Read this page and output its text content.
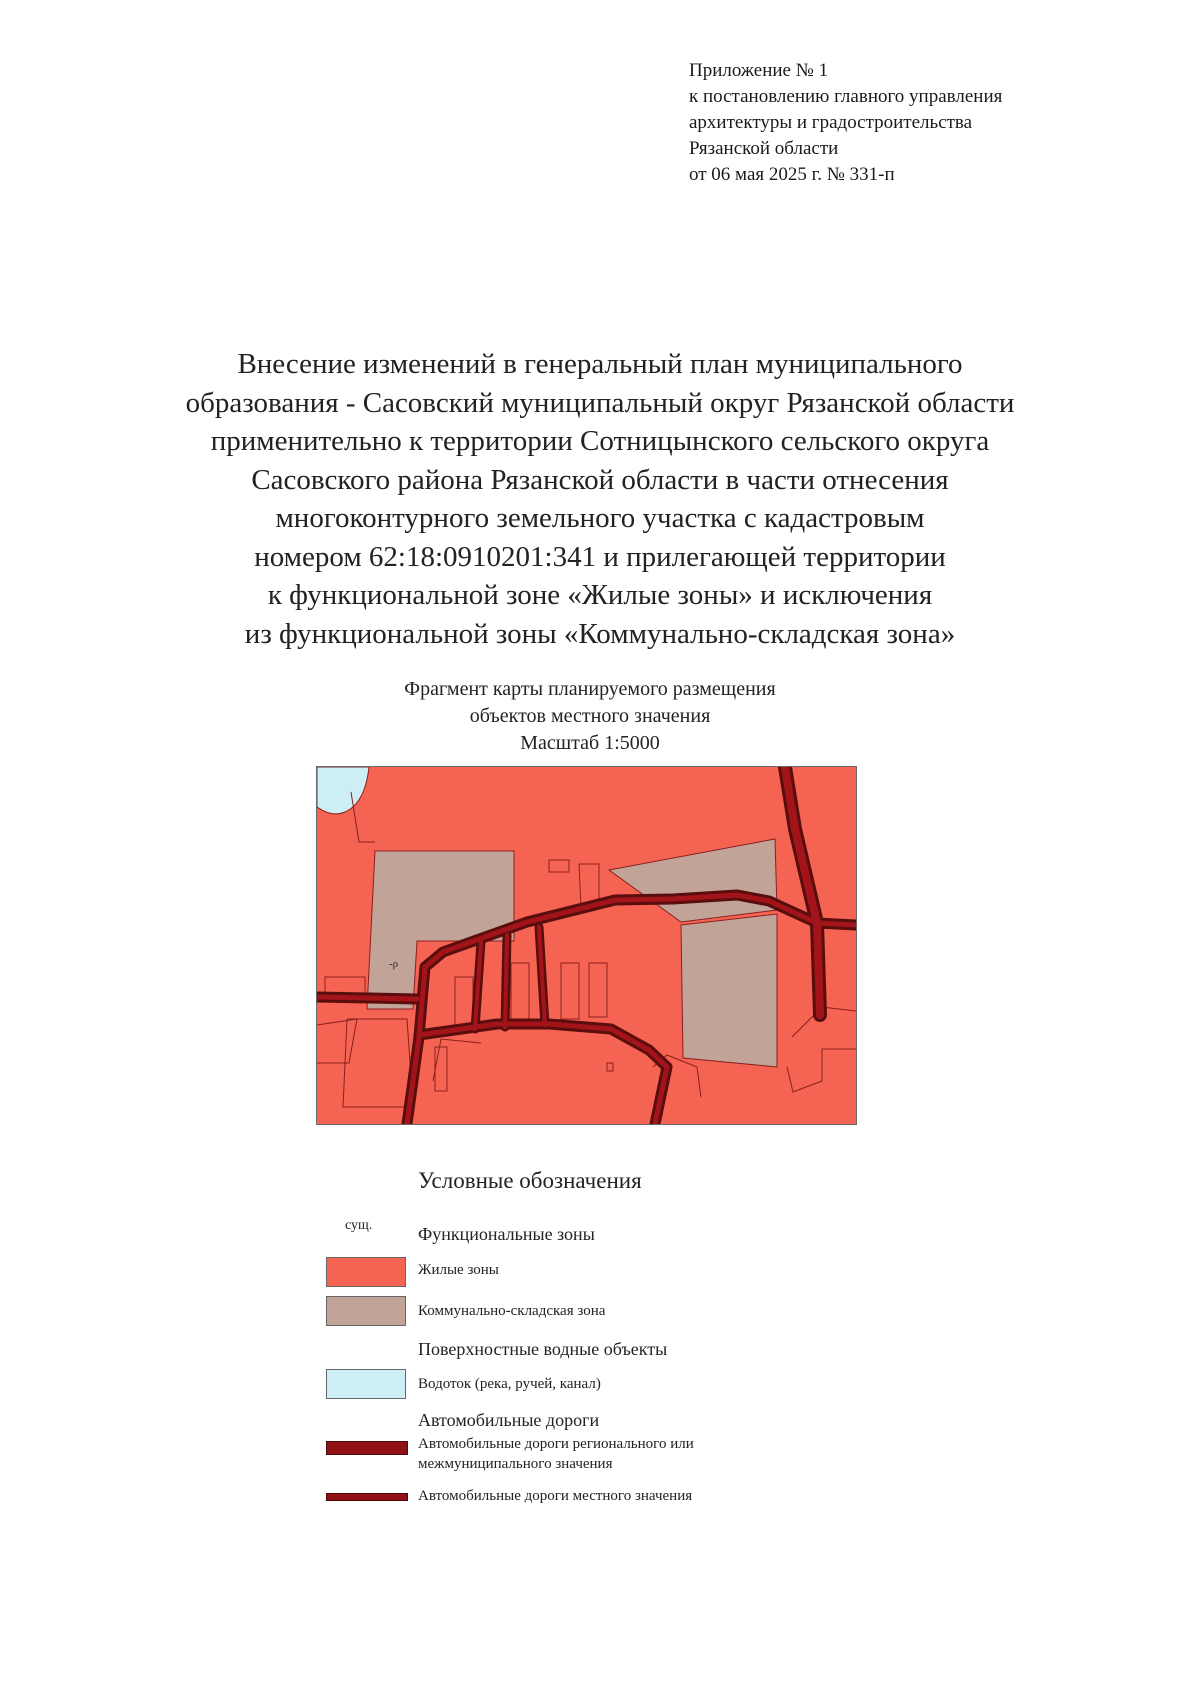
Приложение № 1
к постановлению главного управления
архитектуры и градостроительства
Рязанской области
от 06 мая 2025 г. № 331-п
Внесение изменений в генеральный план муниципального
образования - Сасовский муниципальный округ Рязанской области
применительно к территории Сотницынского сельского округа
Сасовского района Рязанской области в части отнесения
многоконтурного земельного участка с кадастровым
номером 62:18:0910201:341 и прилегающей территории
к функциональной зоне «Жилые зоны» и исключения
из функциональной зоны «Коммунально-складская зона»
Фрагмент карты планируемого размещения
объектов местного значения
Масштаб 1:5000
-ρ
Условные обозначения
сущ.	Функциональные зоны
Жилые зоны
Коммунально-складская зона
Поверхностные водные объекты
Водоток (река, ручей, канал)
Автомобильные дороги
Автомобильные дороги регионального или
межмуниципального значения
Автомобильные дороги местного значения
